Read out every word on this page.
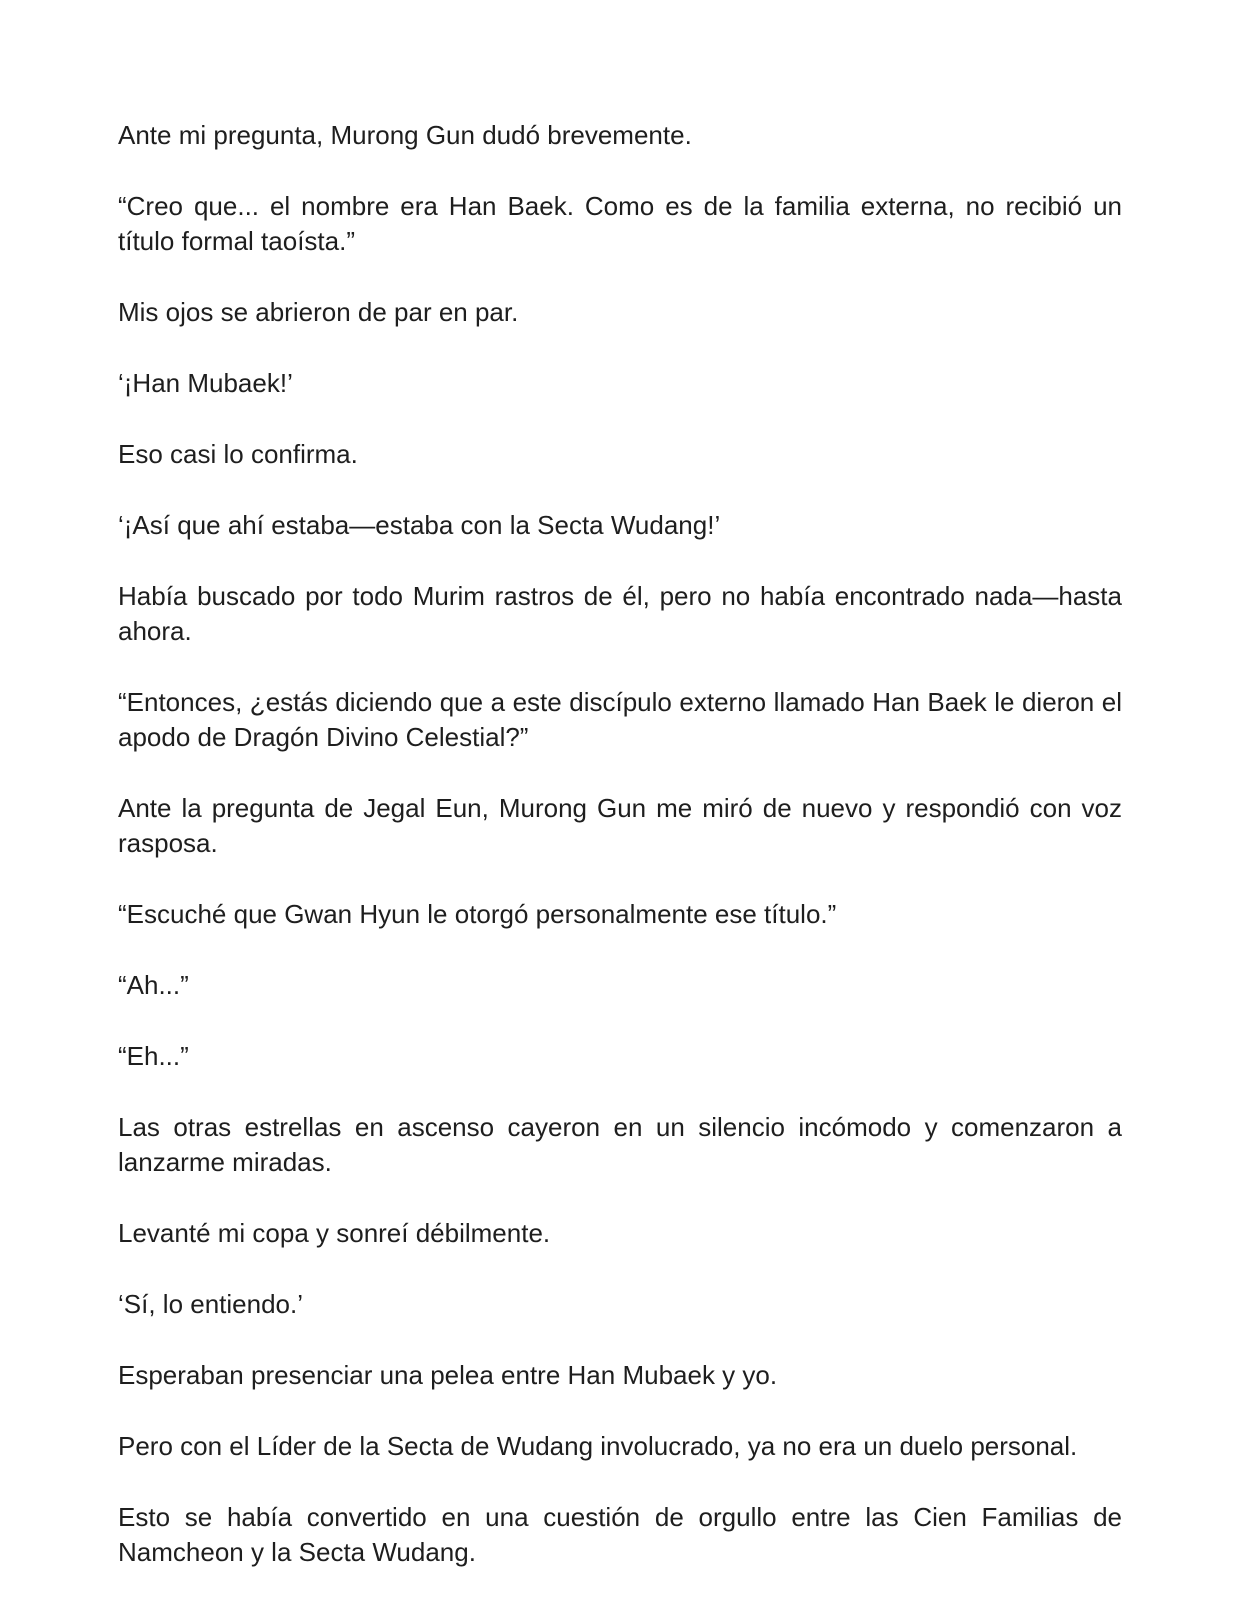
Ante mi pregunta, Murong Gun dudó brevemente.

“Creo que... el nombre era Han Baek. Como es de la familia externa, no recibió un título formal taoísta.”

Mis ojos se abrieron de par en par.

‘¡Han Mubaek!’

Eso casi lo confirma.

‘¡Así que ahí estaba—estaba con la Secta Wudang!’

Había buscado por todo Murim rastros de él, pero no había encontrado nada—hasta ahora.

“Entonces, ¿estás diciendo que a este discípulo externo llamado Han Baek le dieron el apodo de Dragón Divino Celestial?”

Ante la pregunta de Jegal Eun, Murong Gun me miró de nuevo y respondió con voz rasposa.

“Escuché que Gwan Hyun le otorgó personalmente ese título.”

“Ah...”

“Eh...”

Las otras estrellas en ascenso cayeron en un silencio incómodo y comenzaron a lanzarme miradas.

Levanté mi copa y sonreí débilmente.

‘Sí, lo entiendo.’

Esperaban presenciar una pelea entre Han Mubaek y yo.

Pero con el Líder de la Secta de Wudang involucrado, ya no era un duelo personal.

Esto se había convertido en una cuestión de orgullo entre las Cien Familias de Namcheon y la Secta Wudang.
